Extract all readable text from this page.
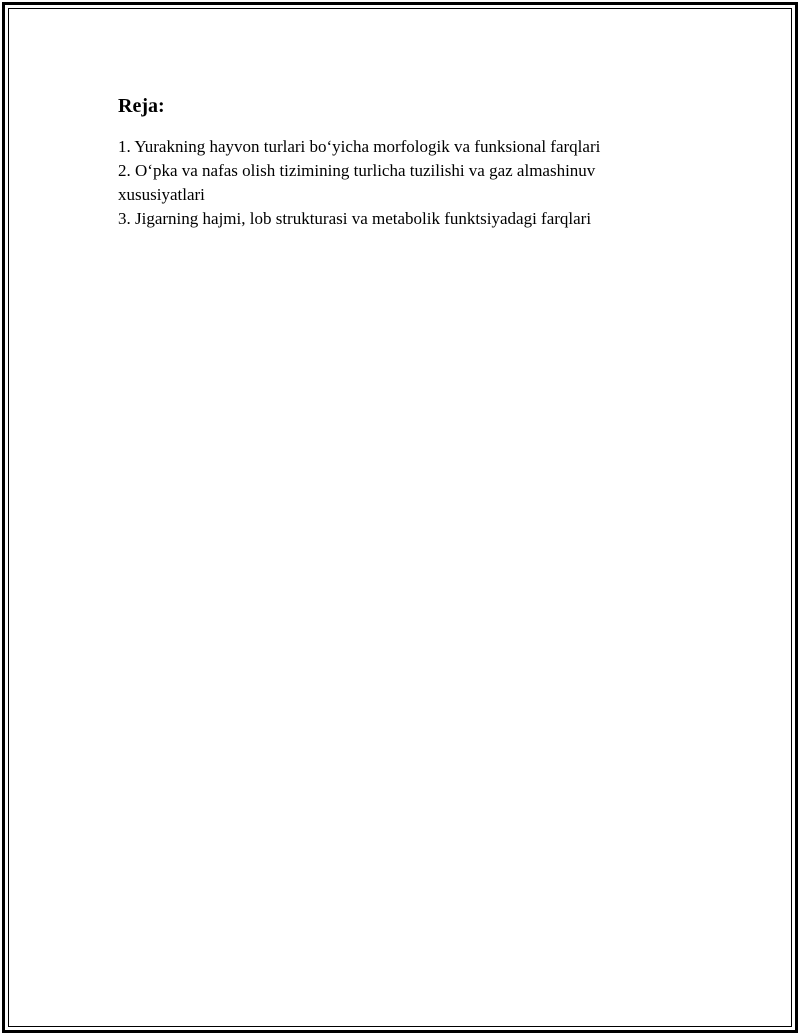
Reja:
1. Yurakning hayvon turlari bo‘yicha morfologik va funksional farqlari
2. O‘pka va nafas olish tizimining turlicha tuzilishi va gaz almashinuv xususiyatlari
3. Jigarning hajmi, lob strukturasi va metabolik funktsiyadagi farqlari
